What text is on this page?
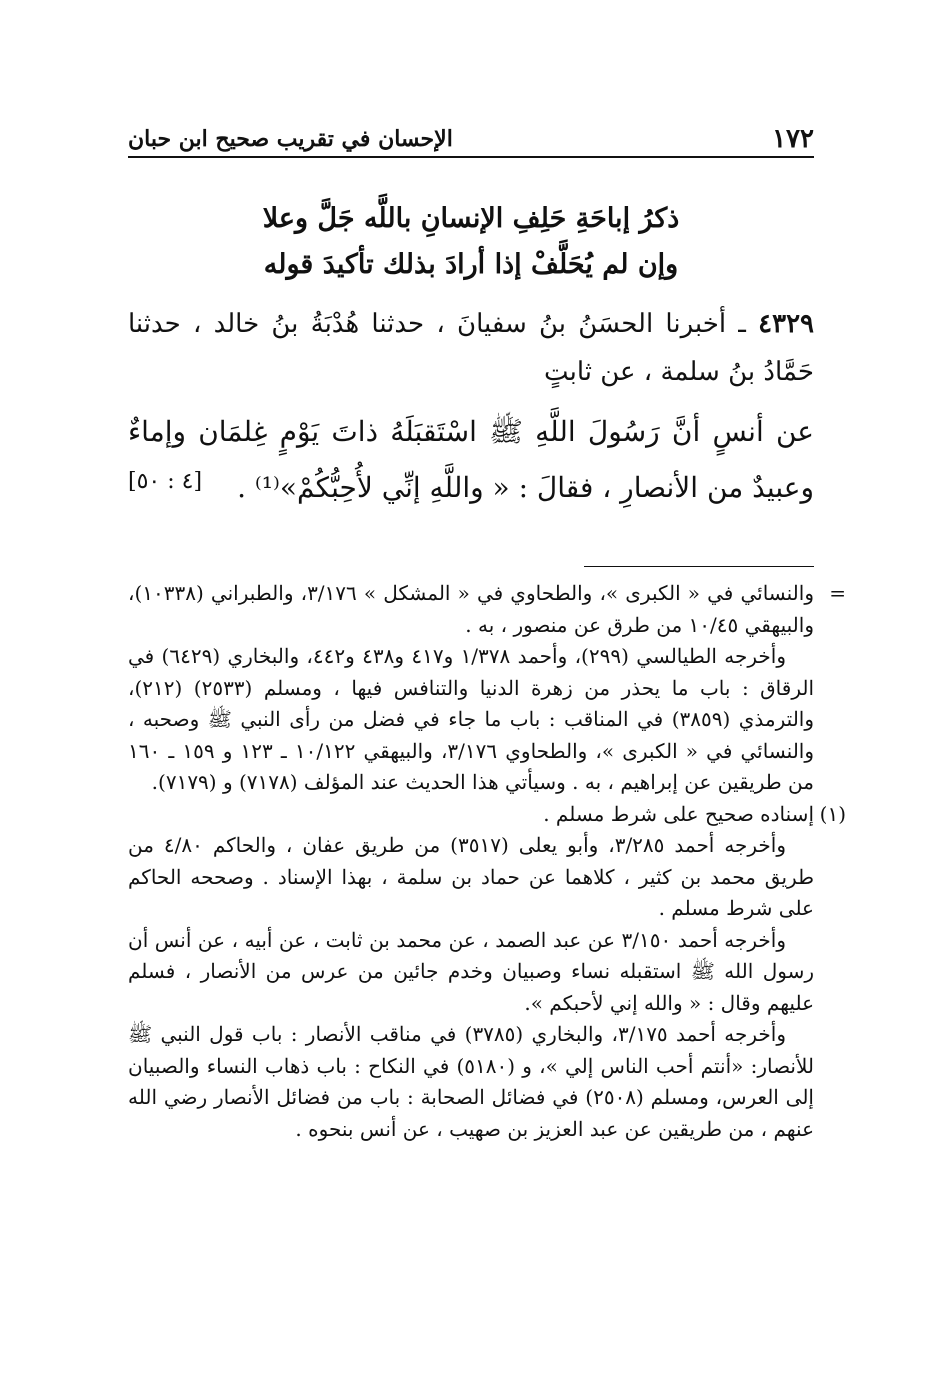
١٧٢
الإحسان في تقريب صحيح ابن حبان
ذكرُ إباحَةِ حَلِفِ الإنسانِ باللَّه جَلَّ وعلا
وإن لم يُحَلَّفْ إذا أرادَ بذلك تأكيدَ قوله
٤٣٢٩ ـ أخبرنا الحسَنُ بنُ سفيانَ ، حدثنا هُدْبَةُ بنُ خالد ، حدثنا حَمَّادُ بنُ سلمة ، عن ثابتٍ
عن أنسٍ أنَّ رَسُولَ اللَّهِ ﷺ اسْتَقبَلَهُ ذاتَ يَوْمٍ غِلمَان وإماءٌ وعبيدٌ من الأنصارِ ، فقالَ : « واللَّهِ إنِّي لأُحِبُّكُمْ»⁽¹⁾ .
[٤ : ٥٠]

=
والنسائي في « الكبرى »، والطحاوي في « المشكل » ٣/١٧٦، والطبراني (١٠٣٣٨)، والبيهقي ١٠/٤٥ من طرق عن منصور ، به .

وأخرجه الطيالسي (٢٩٩)، وأحمد ١/٣٧٨ و٤١٧ و٤٣٨ و٤٤٢، والبخاري (٦٤٢٩) في الرقاق : باب ما يحذر من زهرة الدنيا والتنافس فيها ، ومسلم (٢٥٣٣) (٢١٢)، والترمذي (٣٨٥٩) في المناقب : باب ما جاء في فضل من رأى النبي ﷺ وصحبه ، والنسائي في « الكبرى »، والطحاوي ٣/١٧٦، والبيهقي ١٠/١٢٢ ـ ١٢٣ و ١٥٩ ـ ١٦٠ من طريقين عن إبراهيم ، به . وسيأتي هذا الحديث عند المؤلف (٧١٧٨) و (٧١٧٩).

(١)
إسناده صحيح على شرط مسلم .

وأخرجه أحمد ٣/٢٨٥، وأبو يعلى (٣٥١٧) من طريق عفان ، والحاكم ٤/٨٠ من طريق محمد بن كثير ، كلاهما عن حماد بن سلمة ، بهذا الإسناد . وصححه الحاكم على شرط مسلم .

وأخرجه أحمد ٣/١٥٠ عن عبد الصمد ، عن محمد بن ثابت ، عن أبيه ، عن أنس أن رسول الله ﷺ استقبله نساء وصبيان وخدم جائين من عرس من الأنصار ، فسلم عليهم وقال : « والله إني لأحبكم ».

وأخرجه أحمد ٣/١٧٥، والبخاري (٣٧٨٥) في مناقب الأنصار : باب قول النبي ﷺ للأنصار: «أنتم أحب الناس إلي »، و (٥١٨٠) في النكاح : باب ذهاب النساء والصبيان إلى العرس، ومسلم (٢٥٠٨) في فضائل الصحابة : باب من فضائل الأنصار رضي الله عنهم ، من طريقين عن عبد العزيز بن صهيب ، عن أنس بنحوه .
